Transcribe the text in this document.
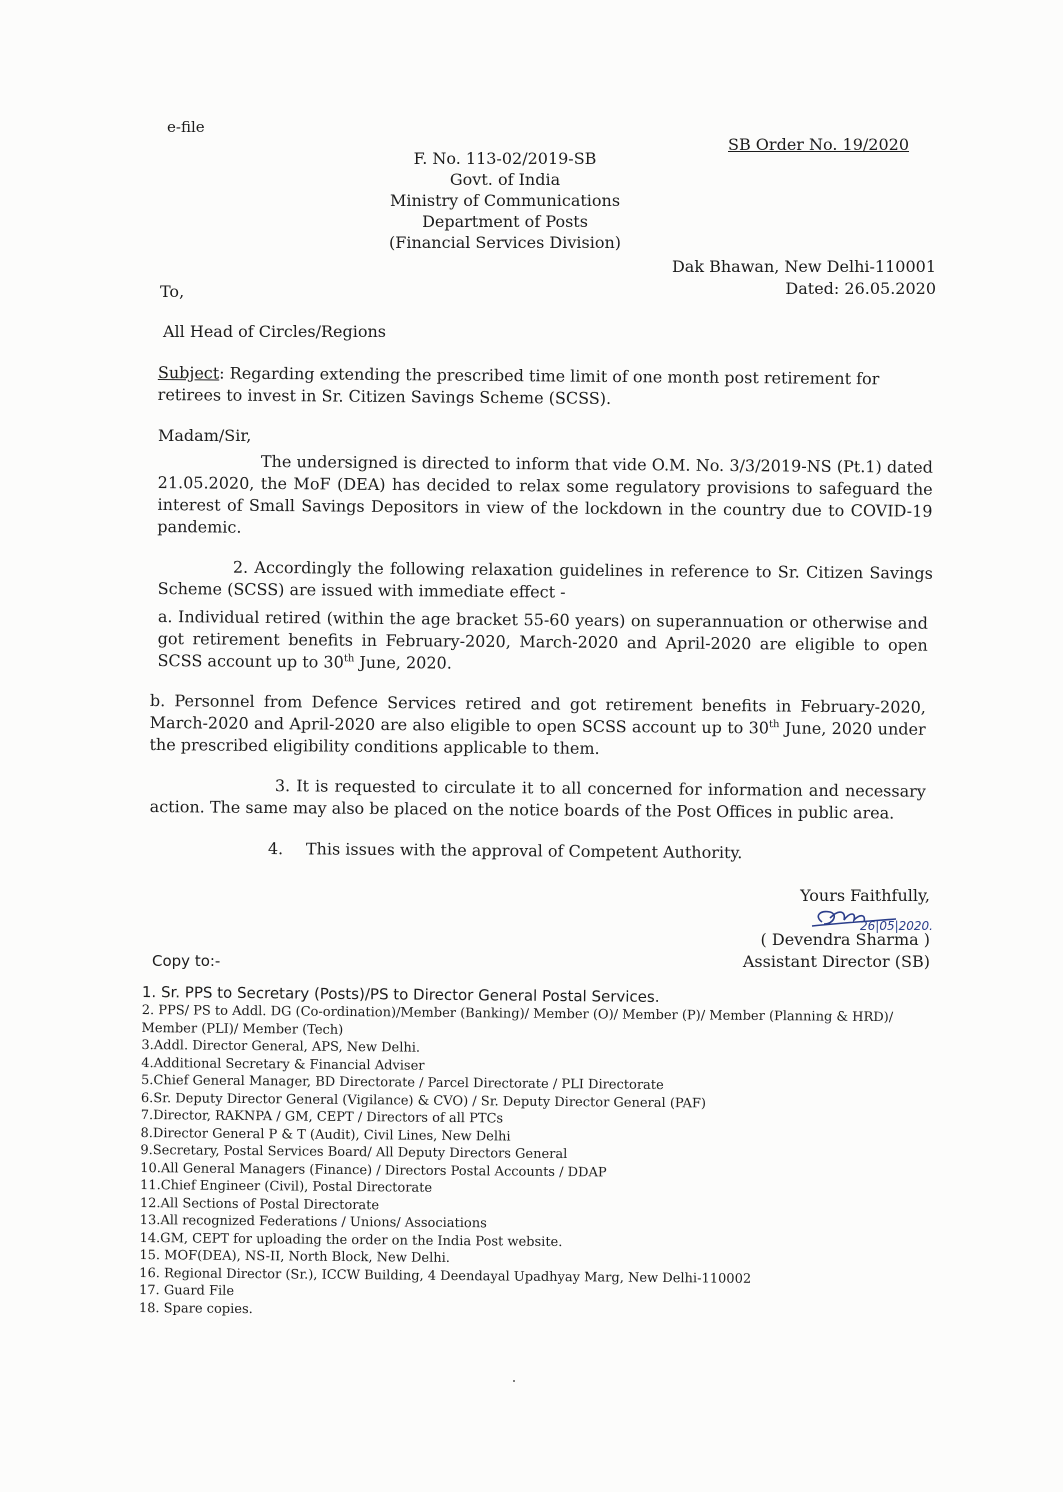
e-file
SB Order No. 19/2020
F. No. 113-02/2019-SB
Govt. of India
Ministry of Communications
Department of Posts
(Financial Services Division)
Dak Bhawan, New Delhi-110001
Dated: 26.05.2020
To,
All Head of Circles/Regions
Subject: Regarding extending the prescribed time limit of one month post retirement for retirees to invest in Sr. Citizen Savings Scheme (SCSS).
Madam/Sir,
The undersigned is directed to inform that vide O.M. No. 3/3/2019-NS (Pt.1) dated 21.05.2020, the MoF (DEA) has decided to relax some regulatory provisions to safeguard the interest of Small Savings Depositors in view of the lockdown in the country due to COVID-19 pandemic.
2. Accordingly the following relaxation guidelines in reference to Sr. Citizen Savings Scheme (SCSS) are issued with immediate effect -
a. Individual retired (within the age bracket 55-60 years) on superannuation or otherwise and got retirement benefits in February-2020, March-2020 and April-2020 are eligible to open SCSS account up to 30th June, 2020.
b. Personnel from Defence Services retired and got retirement benefits in February-2020, March-2020 and April-2020 are also eligible to open SCSS account up to 30th June, 2020 under the prescribed eligibility conditions applicable to them.
3. It is requested to circulate it to all concerned for information and necessary action. The same may also be placed on the notice boards of the Post Offices in public area.
4. This issues with the approval of Competent Authority.
Yours Faithfully,
( Devendra Sharma )
Assistant Director (SB)
26|05|2020.
Copy to:-
1. Sr. PPS to Secretary (Posts)/PS to Director General Postal Services.
2. PPS/ PS to Addl. DG (Co-ordination)/Member (Banking)/ Member (O)/ Member (P)/ Member (Planning & HRD)/ Member (PLI)/ Member (Tech)
3.Addl. Director General, APS, New Delhi.
4.Additional Secretary & Financial Adviser
5.Chief General Manager, BD Directorate / Parcel Directorate / PLI Directorate
6.Sr. Deputy Director General (Vigilance) & CVO) / Sr. Deputy Director General (PAF)
7.Director, RAKNPA / GM, CEPT / Directors of all PTCs
8.Director General P & T (Audit), Civil Lines, New Delhi
9.Secretary, Postal Services Board/ All Deputy Directors General
10.All General Managers (Finance) / Directors Postal Accounts / DDAP
11.Chief Engineer (Civil), Postal Directorate
12.All Sections of Postal Directorate
13.All recognized Federations / Unions/ Associations
14.GM, CEPT for uploading the order on the India Post website.
15. MOF(DEA), NS-II, North Block, New Delhi.
16. Regional Director (Sr.), ICCW Building, 4 Deendayal Upadhyay Marg, New Delhi-110002
17. Guard File
18. Spare copies.
